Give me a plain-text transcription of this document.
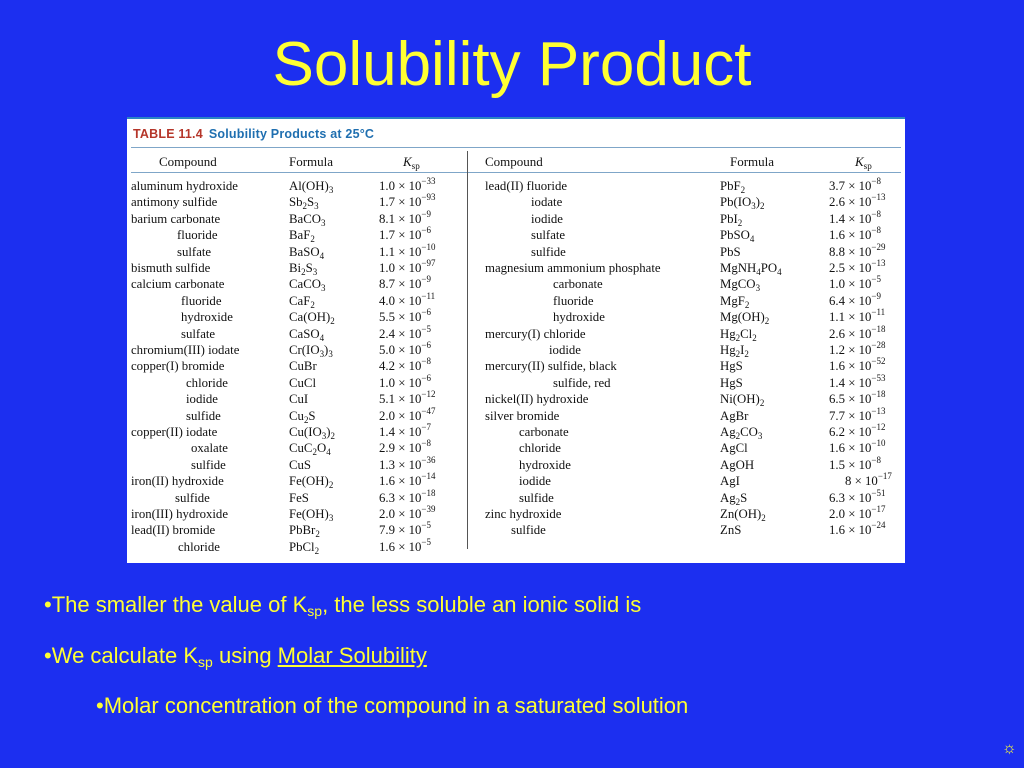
Solubility Product
TABLE 11.4 Solubility Products at 25°C
Compound	Formula	$K_{sp}$	Compound	Formula	$K_{sp}$
aluminum hydroxide	$Al(OH)_3$	$1.0 \times 10^{-33}$
antimony sulfide	$Sb_2S_3$	$1.7 \times 10^{-93}$
barium carbonate	BaCO$_3$	$8.1 \times 10^{-9}$
fluoride	BaF$_2$	$1.7 \times 10^{-6}$
sulfate	BaSO$_4$	$1.1 \times 10^{-10}$
bismuth sulfide	$Bi_2S_3$	$1.0 \times 10^{-97}$
calcium carbonate	CaCO$_3$	$8.7 \times 10^{-9}$
fluoride	CaF$_2$	$4.0 \times 10^{-11}$
hydroxide	$Ca(OH)_2$	$5.5 \times 10^{-6}$
sulfate	CaSO$_4$	$2.4 \times 10^{-5}$
chromium(III) iodate	$Cr(IO_3)_3$	$5.0 \times 10^{-6}$
copper(I) bromide	CuBr	$4.2 \times 10^{-8}$
chloride	CuCl	$1.0 \times 10^{-6}$
iodide	CuI	$5.1 \times 10^{-12}$
sulfide	$Cu_2S$	$2.0 \times 10^{-47}$
copper(II) iodate	$Cu(IO_3)_2$	$1.4 \times 10^{-7}$
oxalate	$CuC_2O_4$	$2.9 \times 10^{-8}$
sulfide	CuS	$1.3 \times 10^{-36}$
iron(II) hydroxide	$Fe(OH)_2$	$1.6 \times 10^{-14}$
sulfide	FeS	$6.3 \times 10^{-18}$
iron(III) hydroxide	$Fe(OH)_3$	$2.0 \times 10^{-39}$
lead(II) bromide	PbBr$_2$	$7.9 \times 10^{-5}$
chloride	PbCl$_2$	$1.6 \times 10^{-5}$
lead(II) fluoride	PbF$_2$	$3.7 \times 10^{-8}$
iodate	$Pb(IO_3)_2$	$2.6 \times 10^{-13}$
iodide	PbI$_2$	$1.4 \times 10^{-8}$
sulfate	PbSO$_4$	$1.6 \times 10^{-8}$
sulfide	PbS	$8.8 \times 10^{-29}$
magnesium ammonium phosphate	$MgNH_4PO_4$	$2.5 \times 10^{-13}$
carbonate	MgCO$_3$	$1.0 \times 10^{-5}$
fluoride	MgF$_2$	$6.4 \times 10^{-9}$
hydroxide	$Mg(OH)_2$	$1.1 \times 10^{-11}$
mercury(I) chloride	$Hg_2Cl_2$	$2.6 \times 10^{-18}$
iodide	$Hg_2I_2$	$1.2 \times 10^{-28}$
mercury(II) sulfide, black	HgS	$1.6 \times 10^{-52}$
sulfide, red	HgS	$1.4 \times 10^{-53}$
nickel(II) hydroxide	$Ni(OH)_2$	$6.5 \times 10^{-18}$
silver bromide	AgBr	$7.7 \times 10^{-13}$
carbonate	$Ag_2CO_3$	$6.2 \times 10^{-12}$
chloride	AgCl	$1.6 \times 10^{-10}$
hydroxide	AgOH	$1.5 \times 10^{-8}$
iodide	AgI	$8 \times 10^{-17}$
sulfide	$Ag_2S$	$6.3 \times 10^{-51}$
zinc hydroxide	$Zn(OH)_2$	$2.0 \times 10^{-17}$
sulfide	ZnS	$1.6 \times 10^{-24}$
•The smaller the value of $K_{sp}$, the less soluble an ionic solid is
•We calculate $K_{sp}$ using Molar Solubility
•Molar concentration of the compound in a saturated solution
☼
